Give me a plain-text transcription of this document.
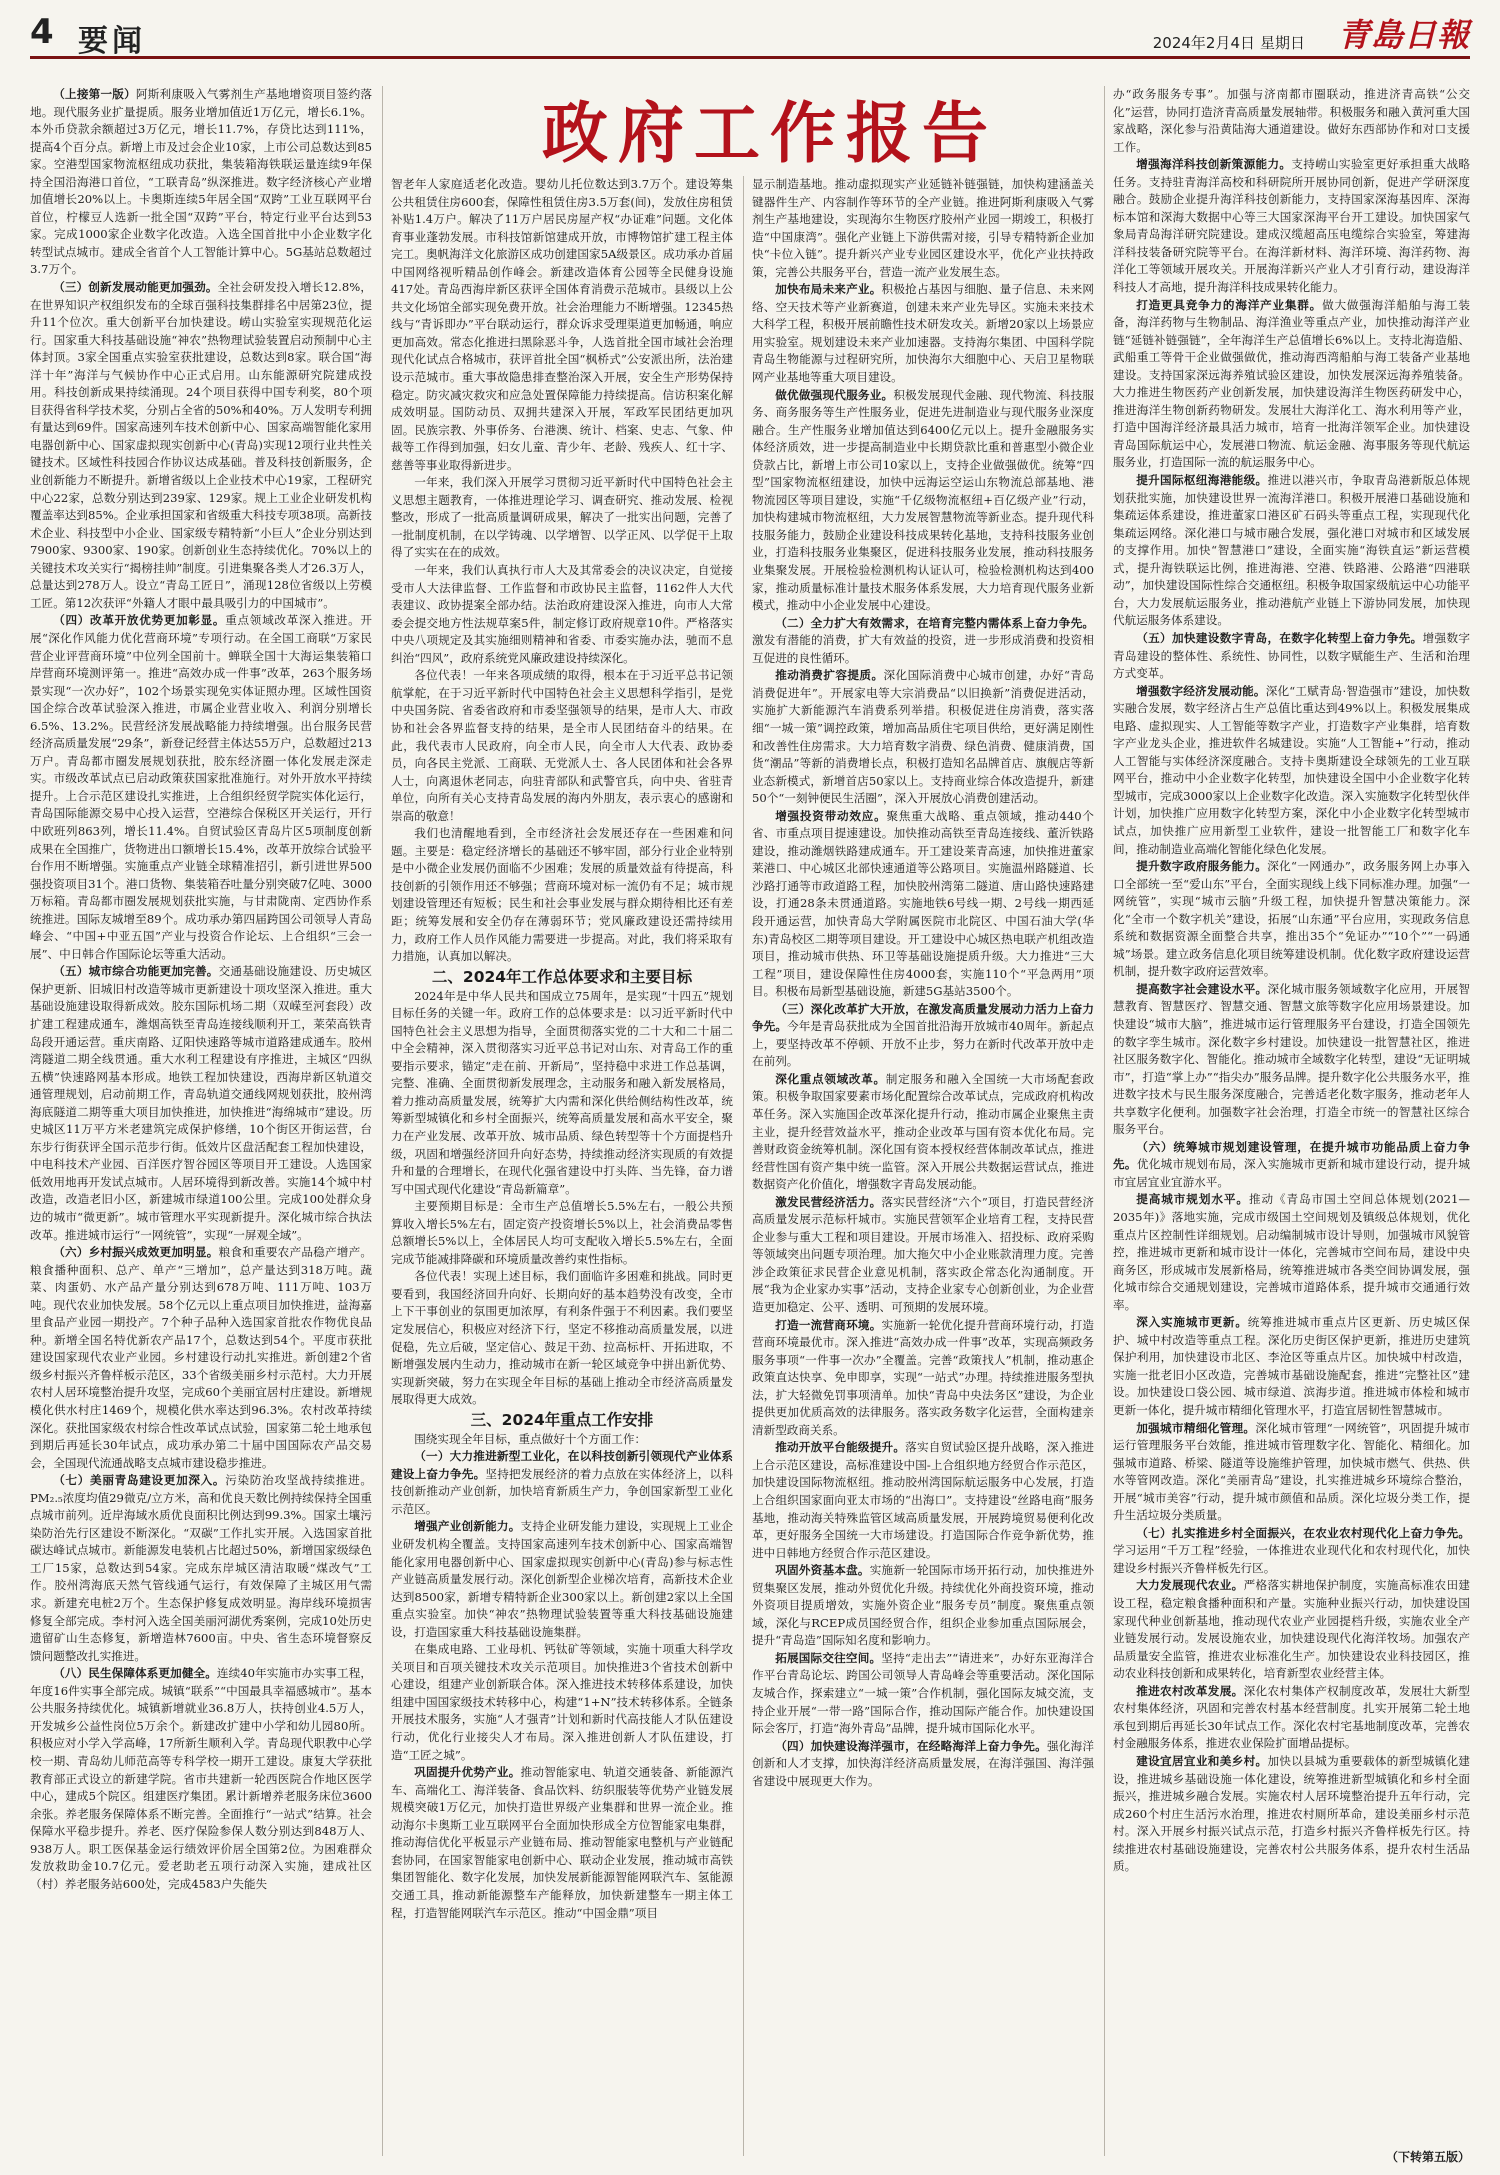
4 要闻	2024年2月4日 星期日 青島日報
政府工作报告

（上接第一版）阿斯利康吸入气雾剂生产基地增资项目签约落地。现代服务业扩量提质。服务业增加值近1万亿元，增长6.1%。本外币贷款余额超过3万亿元，增长11.7%，存贷比达到111%，提高4个百分点。新增上市及过会企业10家，上市公司总数达到85家。空港型国家物流枢纽成功获批，集装箱海铁联运量连续9年保持全国沿海港口首位，“工联青岛”纵深推进。数字经济核心产业增加值增长20%以上。卡奥斯连续5年居全国“双跨”工业互联网平台首位，柠檬豆人选新一批全国“双跨”平台，特定行业平台达到53家。完成1000家企业数字化改造。入选全国首批中小企业数字化转型试点城市。建成全省首个人工智能计算中心。5G基站总数超过3.7万个。

（三）创新发展动能更加强劲。全社会研发投入增长12.8%，在世界知识产权组织发布的全球百强科技集群排名中居第23位，提升11个位次。重大创新平台加快建设。崂山实验室实现规范化运行。国家重大科技基础设施“神农”热物理试验装置启动预制中心主体封顶。3家全国重点实验室获批建设，总数达到8家。联合国“海洋十年”海洋与气候协作中心正式启用。山东能源研究院建成投用。科技创新成果持续涌现。24个项目获得中国专利奖，80个项目获得省科学技术奖，分别占全省的50%和40%。万人发明专利拥有量达到69件。国家高速列车技术创新中心、国家高端智能化家用电器创新中心、国家虚拟现实创新中心(青岛)实现12项行业共性关键技术。区域性科技园合作协议达成基础。普及科技创新服务，企业创新能力不断提升。新增省级以上企业技术中心19家，工程研究中心22家，总数分别达到239家、129家。规上工业企业研发机构覆盖率达到85%。企业承担国家和省级重大科技专项38项。高新技术企业、科技型中小企业、国家级专精特新“小巨人”企业分别达到7900家、9300家、190家。创新创业生态持续优化。70%以上的关键技术攻关实行“揭榜挂帅”制度。引进集聚各类人才26.3万人，总量达到278万人。设立“青岛工匠日”，涌现128位省级以上劳模工匠。第12次获评“外籍人才眼中最具吸引力的中国城市”。

（四）改革开放优势更加彰显。重点领域改革深入推进。开展“深化作风能力优化营商环境”专项行动。在全国工商联“万家民营企业评营商环境”中位列全国前十。蝉联全国十大海运集装箱口岸营商环境测评第一。推进“高效办成一件事”改革，263个服务场景实现“一次办好”，102个场景实现免实体证照办理。区域性国资国企综合改革试验深入推进，市属企业营业收入、利润分别增长6.5%、13.2%。民营经济发展战略能力持续增强。出台服务民营经济高质量发展“29条”，新登记经营主体达55万户，总数超过213万户。青岛都市圈发展规划获批，胶东经济圈一体化发展走深走实。市级改革试点已启动政策获国家批准施行。对外开放水平持续提升。上合示范区建设扎实推进，上合组织经贸学院实体化运行，青岛国际能源交易中心投入运营，空港综合保税区开关运行，开行中欧班列863列，增长11.4%。自贸试验区青岛片区5项制度创新成果在全国推广，货物进出口额增长15.4%，改革开放综合试验平台作用不断增强。实施重点产业链全球精准招引，新引进世界500强投资项目31个。港口货物、集装箱吞吐量分别突破7亿吨、3000万标箱。青岛都市圈发展规划获批实施，与甘肃陇南、定西协作系统推进。国际友城增至89个。成功承办第四届跨国公司领导人青岛峰会、“中国+中亚五国”产业与投资合作论坛、上合组织“三会一展”、中日韩合作国际论坛等重大活动。

（五）城市综合功能更加完善。交通基础设施建设、历史城区保护更新、旧城旧村改造等城市更新建设十项攻坚深入推进。重大基础设施建设取得新成效。胶东国际机场二期（双嵘至河套段）改扩建工程建成通车，潍烟高铁至青岛连接线顺利开工，莱荣高铁青岛段开通运营。重庆南路、辽阳快速路等城市道路建成通车。胶州湾隧道二期全线贯通。重大水利工程建设有序推进，主城区“四纵五横”快速路网基本形成。地铁工程加快建设，西海岸新区轨道交通管理规划，启动前期工作，青岛轨道交通线网规划获批，胶州湾海底隧道二期等重大项目加快推进，加快推进“海绵城市”建设。历史城区11万平方米老建筑完成保护修缮，10个街区开街运营，台东步行街获评全国示范步行街。低效片区盘活配套工程加快建设，中电科技术产业园、百洋医疗智谷园区等项目开工建设。人选国家低效用地再开发试点城市。人居环境得到新改善。实施14个城中村改造，改造老旧小区，新建城市绿道100公里。完成100处群众身边的城市“微更新”。城市管理水平实现新提升。深化城市综合执法改革。推进城市运行“一网统管”，实现“一屏观全域”。

（六）乡村振兴成效更加明显。粮食和重要农产品稳产增产。粮食播种面积、总产、单产“三增加”，总产量达到318万吨。蔬菜、肉蛋奶、水产品产量分别达到678万吨、111万吨、103万吨。现代农业加快发展。58个亿元以上重点项目加快推进，益海嘉里食品产业园一期投产。7个种子品种入选国家首批农作物优良品种。新增全国名特优新农产品17个，总数达到54个。平度市获批建设国家现代农业产业园。乡村建设行动扎实推进。新创建2个省级乡村振兴齐鲁样板示范区，33个省级美丽乡村示范村。大力开展农村人居环境整治提升攻坚，完成60个美丽宜居村庄建设。新增规模化供水村庄1469个，规模化供水率达到96.3%。农村改革持续深化。获批国家级农村综合性改革试点试验，国家第二轮土地承包到期后再延长30年试点，成功承办第二十届中国国际农产品交易会，全国现代流通战略支点城市建设稳步推进。

（七）美丽青岛建设更加深入。污染防治攻坚战持续推进。PM₂.₅浓度均值29微克/立方米，高和优良天数比例持续保持全国重点城市前列。近岸海域水质优良面积比例达到99.3%。国家土壤污染防治先行区建设不断深化。“双碳”工作扎实开展。入选国家首批碳达峰试点城市。新能源发电装机占比超过50%，新增国家级绿色工厂15家，总数达到54家。完成东岸城区清洁取暖“煤改气”工作。胶州湾海底天然气管线通气运行，有效保障了主城区用气需求。新建充电桩2万个。生态保护修复成效明显。海岸线环境损害修复全部完成。李村河入选全国美丽河湖优秀案例，完成10处历史遗留矿山生态修复，新增造林7600亩。中央、省生态环境督察反馈问题整改扎实推进。

（八）民生保障体系更加健全。连续40年实施市办实事工程，年度16件实事全部完成。城镇“联系”“中国最具幸福感城市”。基本公共服务持续优化。城镇新增就业36.8万人，扶持创业4.5万人，开发城乡公益性岗位5万余个。新建改扩建中小学和幼儿园80所。积极应对小学入学高峰，17所新生顺利入学。青岛现代职教中心学校一期、青岛幼儿师范高等专科学校一期开工建设。康复大学获批教育部正式设立的新建学院。省市共建新一轮西医院合作地区医学中心，建成5个院区。组建医疗集团。累计新增养老服务床位3600余张。养老服务保障体系不断完善。全面推行“一站式”结算。社会保障水平稳步提升。养老、医疗保险参保人数分别达到848万人、938万人。职工医保基金运行绩效评价居全国第2位。为困难群众发放救助金10.7亿元。爱老助老五项行动深入实施，建成社区（村）养老服务站600处，完成4583户失能失

智老年人家庭适老化改造。婴幼儿托位数达到3.7万个。建设筹集公共租赁住房600套，保障性租赁住房3.5万套(间)，发放住房租赁补贴1.4万户。解决了11万户居民房屋产权“办证难”问题。文化体育事业蓬勃发展。市科技馆新馆建成开放，市博物馆扩建工程主体完工。奥帆海洋文化旅游区成功创建国家5A级景区。成功承办首届中国网络视听精品创作峰会。新建改造体育公园等全民健身设施417处。青岛西海岸新区获评全国体育消费示范城市。县级以上公共文化场馆全部实现免费开放。社会治理能力不断增强。12345热线与“青诉即办”平台联动运行，群众诉求受理渠道更加畅通，响应更加高效。常态化推进扫黑除恶斗争，人选首批全国市域社会治理现代化试点合格城市，获评首批全国“枫桥式”公安派出所，法治建设示范城市。重大事故隐患排查整治深入开展，安全生产形势保持稳定。防灾减灾救灾和应急处置保障能力持续提高。信访积案化解成效明显。国防动员、双拥共建深入开展，军政军民团结更加巩固。民族宗教、外事侨务、台港澳、统计、档案、史志、气象、仲裁等工作得到加强，妇女儿童、青少年、老龄、残疾人、红十字、慈善等事业取得新进步。

一年来，我们深入开展学习贯彻习近平新时代中国特色社会主义思想主题教育，一体推进理论学习、调查研究、推动发展、检视整改，形成了一批高质量调研成果，解决了一批实出问题，完善了一批制度机制，在以学铸魂、以学增智、以学正风、以学促干上取得了实实在在的成效。

一年来，我们认真执行市人大及其常委会的决议决定，自觉接受市人大法律监督、工作监督和市政协民主监督，1162件人大代表建议、政协提案全部办结。法治政府建设深入推进，向市人大常委会提交地方性法规草案5件，制定修订政府规章10件。严格落实中央八项规定及其实施细则精神和省委、市委实施办法，驰而不息纠治“四风”，政府系统党风廉政建设持续深化。

各位代表！一年来各项成绩的取得，根本在于习近平总书记领航掌舵，在于习近平新时代中国特色社会主义思想科学指引，是党中央国务院、省委省政府和市委坚强领导的结果，是市人大、市政协和社会各界监督支持的结果，是全市人民团结奋斗的结果。在此，我代表市人民政府，向全市人民，向全市人大代表、政协委员，向各民主党派、工商联、无党派人士、各人民团体和社会各界人士，向离退休老同志，向驻青部队和武警官兵，向中央、省驻青单位，向所有关心支持青岛发展的海内外朋友，表示衷心的感谢和崇高的敬意！

我们也清醒地看到，全市经济社会发展还存在一些困难和问题。主要是：稳定经济增长的基础还不够牢固，部分行业企业特别是中小微企业发展仍面临不少困难；发展的质量效益有待提高，科技创新的引领作用还不够强；营商环境对标一流仍有不足；城市规划建设管理还有短板；民生和社会事业发展与群众期待相比还有差距；统筹发展和安全仍存在薄弱环节；党风廉政建设还需持续用力，政府工作人员作风能力需要进一步提高。对此，我们将采取有力措施，认真加以解决。

二、2024年工作总体要求和主要目标

2024年是中华人民共和国成立75周年，是实现“十四五”规划目标任务的关键一年。政府工作的总体要求是：以习近平新时代中国特色社会主义思想为指导，全面贯彻落实党的二十大和二十届二中全会精神，深入贯彻落实习近平总书记对山东、对青岛工作的重要指示要求，锚定“走在前、开新局”，坚持稳中求进工作总基调，完整、准确、全面贯彻新发展理念，主动服务和融入新发展格局，着力推动高质量发展，统筹扩大内需和深化供给侧结构性改革，统筹新型城镇化和乡村全面振兴，统筹高质量发展和高水平安全，聚力在产业发展、改革开放、城市品质、绿色转型等十个方面提档升级，巩固和增强经济回升向好态势，持续推动经济实现质的有效提升和量的合理增长，在现代化强省建设中打头阵、当先锋，奋力谱写中国式现代化建设“青岛新篇章”。

主要预期目标是：全市生产总值增长5.5%左右，一般公共预算收入增长5%左右，固定资产投资增长5%以上，社会消费品零售总额增长5%以上，全体居民人均可支配收入增长5.5%左右，全面完成节能减排降碳和环境质量改善约束性指标。

各位代表！实现上述目标，我们面临许多困难和挑战。同时更要看到，我国经济回升向好、长期向好的基本趋势没有改变，全市上下干事创业的氛围更加浓厚，有利条件强于不利因素。我们要坚定发展信心，积极应对经济下行，坚定不移推动高质量发展，以进促稳，先立后破，坚定信心、鼓足干劲、拉高标杆、开拓进取，不断增强发展内生动力，推动城市在新一轮区域竞争中拼出新优势、实现新突破，努力在实现全年目标的基础上推动全市经济高质量发展取得更大成效。

三、2024年重点工作安排

围绕实现全年目标，重点做好十个方面工作：

（一）大力推进新型工业化，在以科技创新引领现代产业体系建设上奋力争先。坚持把发展经济的着力点放在实体经济上，以科技创新推动产业创新，加快培育新质生产力，争创国家新型工业化示范区。

增强产业创新能力。支持企业研发能力建设，实现规上工业企业研发机构全覆盖。支持国家高速列车技术创新中心、国家高端智能化家用电器创新中心、国家虚拟现实创新中心(青岛)参与标志性产业链高质量发展行动。深化创新型企业梯次培育，高新技术企业达到8500家，新增专精特新企业300家以上。新创建2家以上全国重点实验室。加快“神农”热物理试验装置等重大科技基础设施建设，打造国家重大科技基础设施集群。

在集成电路、工业母机、钙钛矿等领域，实施十项重大科学攻关项目和百项关键技术攻关示范项目。加快推进3个省技术创新中心建设，组建产业创新联合体。深入推进技术转移体系建设，加快组建中国国家级技术转移中心，构建“1+N”技术转移体系。全链条开展技术服务，实施“人才强青”计划和新时代高技能人才队伍建设行动，优化行业接尖人才布局。深入推进创新人才队伍建设，打造“工匠之城”。

巩固提升优势产业。推动智能家电、轨道交通装备、新能源汽车、高端化工、海洋装备、食品饮料、纺织服装等优势产业链发展规模突破1万亿元，加快打造世界级产业集群和世界一流企业。推动海尔卡奥斯工业互联网平台全面加快形成全方位智能家电集群，推动海信优化平板显示产业链布局、推动智能家电整机与产业链配套协同，在国家智能家电创新中心、联动企业发展，推动城市高铁集团智能化、数字化发展，加快发展新能源智能网联汽车、氢能源交通工具，推动新能源整车产能释放，加快新建整车一期主体工程，打造智能网联汽车示范区。推动“中国金鼎”项目

显示制造基地。推动虚拟现实产业延链补链强链，加快构建涵盖关键器件生产、内容制作等环节的全产业链。推进阿斯利康吸入气雾剂生产基地建设，实现海尔生物医疗胶州产业园一期竣工，积极打造“中国康湾”。强化产业链上下游供需对接，引导专精特新企业加快“卡位入链”。提升新兴产业专业园区建设水平，优化产业扶持政策，完善公共服务平台，营造一流产业发展生态。

加快布局未来产业。积极抢占基因与细胞、量子信息、未来网络、空天技术等产业新赛道，创建未来产业先导区。实施未来技术大科学工程，积极开展前瞻性技术研发攻关。新增20家以上场景应用实验室。规划建设未来产业加速器。支持海尔集团、中国科学院青岛生物能源与过程研究所，加快海尔大细胞中心、天启卫星物联网产业基地等重大项目建设。

做优做强现代服务业。积极发展现代金融、现代物流、科技服务、商务服务等生产性服务业，促进先进制造业与现代服务业深度融合。生产性服务业增加值达到6400亿元以上。提升金融服务实体经济质效，进一步提高制造业中长期贷款比重和普惠型小微企业贷款占比，新增上市公司10家以上，支持企业做强做优。统筹“四型”国家物流枢纽建设，加快中远海运空运山东物流总部基地、港物流园区等项目建设，实施“千亿级物流枢纽+百亿级产业”行动，加快构建城市物流枢纽，大力发展智慧物流等新业态。提升现代科技服务能力，鼓励企业建设科技成果转化基地，支持科技服务业创业，打造科技服务业集聚区，促进科技服务业发展，推动科技服务业集聚发展。开展检验检测机构认证认可，检验检测机构达到400家，推动质量标准计量技术服务体系发展，大力培育现代服务业新模式，推动中小企业发展中心建设。

（二）全力扩大有效需求，在培育完整内需体系上奋力争先。激发有潜能的消费，扩大有效益的投资，进一步形成消费和投资相互促进的良性循环。

推动消费扩容提质。深化国际消费中心城市创建，办好“青岛消费促进年”。开展家电等大宗消费品“以旧换新”消费促进活动，实施扩大新能源汽车消费系列举措。积极促进住房消费，落实落细“一城一策”调控政策，增加高品质住宅项目供给，更好满足刚性和改善性住房需求。大力培育数字消费、绿色消费、健康消费，国货“潮品”等新的消费增长点，积极打造知名品牌首店、旗舰店等新业态新模式，新增首店50家以上。支持商业综合体改造提升，新建50个“一刻钟便民生活圈”，深入开展放心消费创建活动。

增强投资带动效应。聚焦重大战略、重点领域，推动440个省、市重点项目提速建设。加快推动高铁至青岛连接线、董沂铁路建设，推动潍烟铁路建成通车。开工建设莱青高速，加快推进董家莱港口、中心城区北部快速通道等公路项目。实施温州路隧道、长沙路打通等市政道路工程，加快胶州湾第二隧道、唐山路快速路建设，打通28条未贯通道路。实施地铁6号线一期、2号线一期西延段开通运营，加快青岛大学附属医院市北院区、中国石油大学(华东)青岛校区二期等项目建设。开工建设中心城区热电联产机组改造项目，推动城市供热、环卫等基础设施提质升级。大力推进“三大工程”项目，建设保障性住房4000套，实施110个“平急两用”项目。积极布局新型基础设施，新建5G基站3500个。

（三）深化改革扩大开放，在激发高质量发展动力活力上奋力争先。今年是青岛获批成为全国首批沿海开放城市40周年。新起点上，要坚持改革不停顿、开放不止步，努力在新时代改革开放中走在前列。

深化重点领域改革。制定服务和融入全国统一大市场配套政策。积极争取国家要素市场化配置综合改革试点，完成政府机构改革任务。深入实施国企改革深化提升行动，推动市属企业聚焦主责主业，提升经营效益水平，推动企业改革与国有资本优化布局。完善财政资金统筹机制。深化国有资本授权经营体制改革试点，推进经营性国有资产集中统一监管。深入开展公共数据运营试点，推进数据资产化价值化，增强数字青岛发展动能。

激发民营经济活力。落实民营经济“六个”项目，打造民营经济高质量发展示范标杆城市。实施民营领军企业培育工程，支持民营企业参与重大工程和项目建设。开展市场准入、招投标、政府采购等领域突出问题专项治理。加大拖欠中小企业账款清理力度。完善涉企政策征求民营企业意见机制，落实政企常态化沟通制度。开展“我为企业家办实事”活动，支持企业家专心创新创业，为企业营造更加稳定、公平、透明、可预期的发展环境。

打造一流营商环境。实施新一轮优化提升营商环境行动，打造营商环境最优市。深入推进“高效办成一件事”改革，实现高频政务服务事项“一件事一次办”全覆盖。完善“政策找人”机制，推动惠企政策直达快享、免申即享，实现“一站式”办理。持续推进服务型执法，扩大轻微免罚事项清单。加快“青岛中央法务区”建设，为企业提供更加优质高效的法律服务。落实政务数字化运营，全面构建亲清新型政商关系。

推动开放平台能级提升。落实自贸试验区提升战略，深入推进上合示范区建设，高标准建设中国-上合组织地方经贸合作示范区，加快建设国际物流枢纽。推动胶州湾国际航运服务中心发展，打造上合组织国家面向亚太市场的“出海口”。支持建设“丝路电商”服务基地，推动海关特殊监管区域高质量发展，开展跨境贸易便利化改革，更好服务全国统一大市场建设。打造国际合作竞争新优势，推进中日韩地方经贸合作示范区建设。

巩固外资基本盘。实施新一轮国际市场开拓行动，加快推进外贸集聚区发展，推动外贸优化升级。持续优化外商投资环境，推动外资项目提质增效，实施外资企业“服务专员”制度。聚焦重点领域，深化与RCEP成员国经贸合作，组织企业参加重点国际展会，提升“青岛造”国际知名度和影响力。

拓展国际交往空间。坚持“走出去”“请进来”，办好东亚海洋合作平台青岛论坛、跨国公司领导人青岛峰会等重要活动。深化国际友城合作，探索建立“一城一策”合作机制，强化国际友城交流，支持企业开展“一带一路”国际合作，推动国际产能合作。加快建设国际会客厅，打造“海外青岛”品牌，提升城市国际化水平。

（四）加快建设海洋强市，在经略海洋上奋力争先。强化海洋创新和人才支撑，加快海洋经济高质量发展，在海洋强国、海洋强省建设中展现更大作为。

办“政务服务专事”。加强与济南都市圈联动，推进济青高铁“公交化”运营，协同打造济青高质量发展轴带。积极服务和融入黄河重大国家战略，深化参与沿黄陆海大通道建设。做好东西部协作和对口支援工作。

增强海洋科技创新策源能力。支持崂山实验室更好承担重大战略任务。支持驻青海洋高校和科研院所开展协同创新，促进产学研深度融合。鼓励企业提升海洋科技创新能力，支持国家深海基因库、深海标本馆和深海大数据中心等三大国家深海平台开工建设。加快国家气象局青岛海洋研究院建设。建成汉缆超高压电缆综合实验室，筹建海洋科技装备研究院等平台。在海洋新材料、海洋环境、海洋药物、海洋化工等领域开展攻关。开展海洋新兴产业人才引育行动，建设海洋科技人才高地，提升海洋科技成果转化能力。

打造更具竞争力的海洋产业集群。做大做强海洋船舶与海工装备，海洋药物与生物制品、海洋渔业等重点产业，加快推动海洋产业链“延链补链强链”，全年海洋生产总值增长6%以上。支持北海造船、武船重工等骨干企业做强做优，推动海西湾船舶与海工装备产业基地建设。支持国家深远海养殖试验区建设，加快发展深远海养殖装备。大力推进生物医药产业创新发展，加快建设海洋生物医药研发中心，推进海洋生物创新药物研发。发展壮大海洋化工、海水利用等产业，打造中国海洋经济最具活力城市，培育一批海洋领军企业。加快建设青岛国际航运中心，发展港口物流、航运金融、海事服务等现代航运服务业，打造国际一流的航运服务中心。

提升国际枢纽海港能级。推进以港兴市，争取青岛港新版总体规划获批实施，加快建设世界一流海洋港口。积极开展港口基础设施和集疏运体系建设，推进董家口港区矿石码头等重点工程，实现现代化集疏运网络。深化港口与城市融合发展，强化港口对城市和区域发展的支撑作用。加快“智慧港口”建设，全面实施“海铁直运”新运营模式，提升海铁联运比例，推进海港、空港、铁路港、公路港“四港联动”，加快建设国际性综合交通枢纽。积极争取国家级航运中心功能平台，大力发展航运服务业，推动港航产业链上下游协同发展，加快现代航运服务体系建设。

（五）加快建设数字青岛，在数字化转型上奋力争先。增强数字青岛建设的整体性、系统性、协同性，以数字赋能生产、生活和治理方式变革。

增强数字经济发展动能。深化“工赋青岛·智造强市”建设，加快数实融合发展，数字经济占生产总值比重达到49%以上。积极发展集成电路、虚拟现实、人工智能等数字产业，打造数字产业集群，培育数字产业龙头企业，推进软件名城建设。实施“人工智能+”行动，推动人工智能与实体经济深度融合。支持卡奥斯建设全球领先的工业互联网平台，推动中小企业数字化转型，加快建设全国中小企业数字化转型城市，完成3000家以上企业数字化改造。深入实施数字化转型伙伴计划，加快推广应用数字化转型方案，深化中小企业数字化转型城市试点，加快推广应用新型工业软件，建设一批智能工厂和数字化车间，推动制造业高端化智能化绿色化发展。

提升数字政府服务能力。深化“一网通办”，政务服务网上办事入口全部统一至“爱山东”平台，全面实现线上线下同标准办理。加强“一网统管”，实现“城市云脑”升级工程，加快提升智慧决策能力。深化“全市一个数字机关”建设，拓展“山东通”平台应用，实现政务信息系统和数据资源全面整合共享，推出35个“免证办”“10个”“一码通城”场景。建立政务信息化项目统筹建设机制。优化数字政府建设运营机制，提升数字政府运营效率。

提高数字社会建设水平。深化城市服务领域数字化应用，开展智慧教育、智慧医疗、智慧交通、智慧文旅等数字化应用场景建设。加快建设“城市大脑”，推进城市运行管理服务平台建设，打造全国领先的数字孪生城市。深化数字乡村建设。加快建设一批智慧社区，推进社区服务数字化、智能化。推动城市全域数字化转型，建设“无证明城市”，打造“掌上办”“指尖办”服务品牌。提升数字化公共服务水平，推进数字技术与民生服务深度融合，完善适老化数字服务，推动老年人共享数字化便利。加强数字社会治理，打造全市统一的智慧社区综合服务平台。

（六）统筹城市规划建设管理，在提升城市功能品质上奋力争先。优化城市规划布局，深入实施城市更新和城市建设行动，提升城市宜居宜业宜游水平。

提高城市规划水平。推动《青岛市国土空间总体规划(2021—2035年)》落地实施，完成市级国土空间规划及镇级总体规划，优化重点片区控制性详细规划。启动编制城市设计导则，加强城市风貌管控，推进城市更新和城市设计一体化，完善城市空间布局，建设中央商务区，形成城市发展新格局，统筹推进城市各类空间协调发展，强化城市综合交通规划建设，完善城市道路体系，提升城市交通通行效率。

深入实施城市更新。统筹推进城市重点片区更新、历史城区保护、城中村改造等重点工程。深化历史街区保护更新，推进历史建筑保护利用，加快建设市北区、李沧区等重点片区。加快城中村改造，实施一批老旧小区改造，完善城市基础设施配套，推进“完整社区”建设。加快建设口袋公园、城市绿道、滨海步道。推进城市体检和城市更新一体化，提升城市精细化管理水平，打造宜居韧性智慧城市。

加强城市精细化管理。深化城市管理“一网统管”，巩固提升城市运行管理服务平台效能，推进城市管理数字化、智能化、精细化。加强城市道路、桥梁、隧道等设施维护管理，加快城市燃气、供热、供水等管网改造。深化“美丽青岛”建设，扎实推进城乡环境综合整治，开展“城市美容”行动，提升城市颜值和品质。深化垃圾分类工作，提升生活垃圾分类质量。

（七）扎实推进乡村全面振兴，在农业农村现代化上奋力争先。学习运用“千万工程”经验，一体推进农业现代化和农村现代化，加快建设乡村振兴齐鲁样板先行区。

大力发展现代农业。严格落实耕地保护制度，实施高标准农田建设工程，稳定粮食播种面积和产量。实施种业振兴行动，加快建设国家现代种业创新基地，推动现代农业产业园提档升级，实施农业全产业链发展行动。发展设施农业，加快建设现代化海洋牧场。加强农产品质量安全监管，推进农业标准化生产。加快建设农业科技园区，推动农业科技创新和成果转化，培育新型农业经营主体。

推进农村改革发展。深化农村集体产权制度改革，发展壮大新型农村集体经济，巩固和完善农村基本经营制度。扎实开展第二轮土地承包到期后再延长30年试点工作。深化农村宅基地制度改革，完善农村金融服务体系，推进农业保险扩面增品提标。

建设宜居宜业和美乡村。加快以县城为重要载体的新型城镇化建设，推进城乡基础设施一体化建设，统筹推进新型城镇化和乡村全面振兴，推进城乡融合发展。实施农村人居环境整治提升五年行动，完成260个村庄生活污水治理，推进农村厕所革命，建设美丽乡村示范村。深入开展乡村振兴试点示范，打造乡村振兴齐鲁样板先行区。持续推进农村基础设施建设，完善农村公共服务体系，提升农村生活品质。

（下转第五版）
